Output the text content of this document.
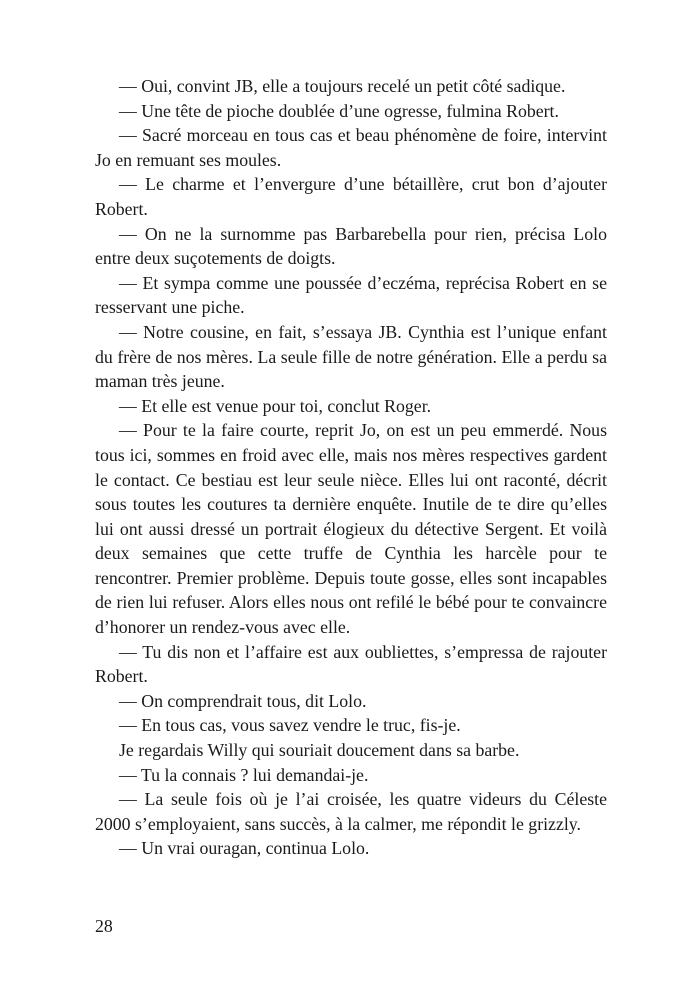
— Oui, convint JB, elle a toujours recelé un petit côté sadique.

— Une tête de pioche doublée d’une ogresse, fulmina Robert.

— Sacré morceau en tous cas et beau phénomène de foire, intervint Jo en remuant ses moules.

— Le charme et l’envergure d’une bétaillère, crut bon d’ajouter Robert.

— On ne la surnomme pas Barbarebella pour rien, précisa Lolo entre deux suçotements de doigts.

— Et sympa comme une poussée d’eczéma, reprécisa Robert en se resservant une piche.

— Notre cousine, en fait, s’essaya JB. Cynthia est l’unique enfant du frère de nos mères. La seule fille de notre génération. Elle a perdu sa maman très jeune.

— Et elle est venue pour toi, conclut Roger.

— Pour te la faire courte, reprit Jo, on est un peu emmerdé. Nous tous ici, sommes en froid avec elle, mais nos mères respectives gardent le contact. Ce bestiau est leur seule nièce. Elles lui ont raconté, décrit sous toutes les coutures ta dernière enquête. Inutile de te dire qu’elles lui ont aussi dressé un portrait élogieux du détective Sergent. Et voilà deux semaines que cette truffe de Cynthia les harcèle pour te rencontrer. Premier problème. Depuis toute gosse, elles sont incapables de rien lui refuser. Alors elles nous ont refilé le bébé pour te convaincre d’honorer un rendez-vous avec elle.

— Tu dis non et l’affaire est aux oubliettes, s’empressa de rajouter Robert.

— On comprendrait tous, dit Lolo.

— En tous cas, vous savez vendre le truc, fis-je.

Je regardais Willy qui souriait doucement dans sa barbe.

— Tu la connais ? lui demandai-je.

— La seule fois où je l’ai croisée, les quatre videurs du Céleste 2000 s’employaient, sans succès, à la calmer, me répondit le grizzly.

— Un vrai ouragan, continua Lolo.

28
